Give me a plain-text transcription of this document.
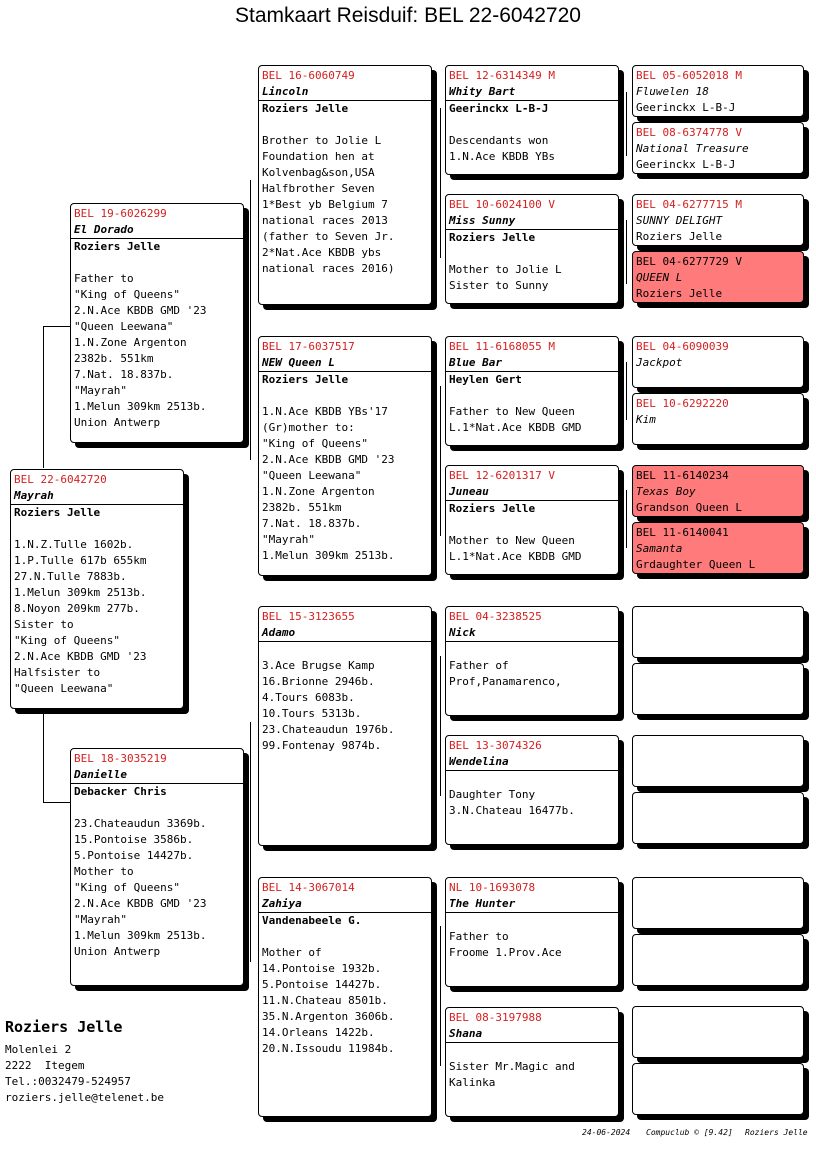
Stamkaart Reisduif: BEL 22-6042720
BEL 22-6042720
Mayrah
Roziers Jelle
1.N.Z.Tulle 1602b.
1.P.Tulle 617b 655km
27.N.Tulle 7883b.
1.Melun 309km 2513b.
8.Noyon 209km 277b.
Sister to
"King of Queens"
2.N.Ace KBDB GMD '23
Halfsister to
"Queen Leewana"
BEL 19-6026299
El Dorado
Roziers Jelle
Father to
"King of Queens"
2.N.Ace KBDB GMD '23
"Queen Leewana"
1.N.Zone Argenton
2382b. 551km
7.Nat. 18.837b.
"Mayrah"
1.Melun 309km 2513b.
Union Antwerp
BEL 18-3035219
Danielle
Debacker Chris
23.Chateaudun 3369b.
15.Pontoise 3586b.
5.Pontoise 14427b.
Mother to
"King of Queens"
2.N.Ace KBDB GMD '23
"Mayrah"
1.Melun 309km 2513b.
Union Antwerp
BEL 16-6060749
Lincoln
Roziers Jelle
Brother to Jolie L
Foundation hen at
Kolvenbag&son,USA
Halfbrother Seven
1*Best yb Belgium 7
national races 2013
(father to Seven Jr.
2*Nat.Ace KBDB ybs
national races 2016)
BEL 17-6037517
NEW Queen L
Roziers Jelle
1.N.Ace KBDB YBs'17
(Gr)mother to:
"King of Queens"
2.N.Ace KBDB GMD '23
"Queen Leewana"
1.N.Zone Argenton
2382b. 551km
7.Nat. 18.837b.
"Mayrah"
1.Melun 309km 2513b.
BEL 15-3123655
Adamo
3.Ace Brugse Kamp
16.Brionne 2946b.
4.Tours 6083b.
10.Tours 5313b.
23.Chateaudun 1976b.
99.Fontenay 9874b.
BEL 14-3067014
Zahiya
Vandenabeele G.
Mother of
14.Pontoise 1932b.
5.Pontoise 14427b.
11.N.Chateau 8501b.
35.N.Argenton 3606b.
14.Orleans 1422b.
20.N.Issoudu 11984b.
BEL 12-6314349 M
Whity Bart
Geerinckx L-B-J
Descendants won
1.N.Ace KBDB YBs
BEL 10-6024100 V
Miss Sunny
Roziers Jelle
Mother to Jolie L
Sister to Sunny
BEL 11-6168055 M
Blue Bar
Heylen Gert
Father to New Queen
L.1*Nat.Ace KBDB GMD
BEL 12-6201317 V
Juneau
Roziers Jelle
Mother to New Queen
L.1*Nat.Ace KBDB GMD
BEL 04-3238525
Nick
Father of
Prof,Panamarenco,
BEL 13-3074326
Wendelina
Daughter Tony
3.N.Chateau 16477b.
NL 10-1693078
The Hunter
Father to
Froome 1.Prov.Ace
BEL 08-3197988
Shana
Sister Mr.Magic and
Kalinka
BEL 05-6052018 M
Fluwelen 18
Geerinckx L-B-J
BEL 08-6374778 V
National Treasure
Geerinckx L-B-J
BEL 04-6277715 M
SUNNY DELIGHT
Roziers Jelle
BEL 04-6277729 V
QUEEN L
Roziers Jelle
BEL 04-6090039
Jackpot
BEL 10-6292220
Kim
BEL 11-6140234
Texas Boy
Grandson Queen L
BEL 11-6140041
Samanta
Grdaughter Queen L
Roziers Jelle
Molenlei 2
2222  Itegem
Tel.:0032479-524957
roziers.jelle@telenet.be
24-06-2024 Compuclub © [9.42] Roziers Jelle
